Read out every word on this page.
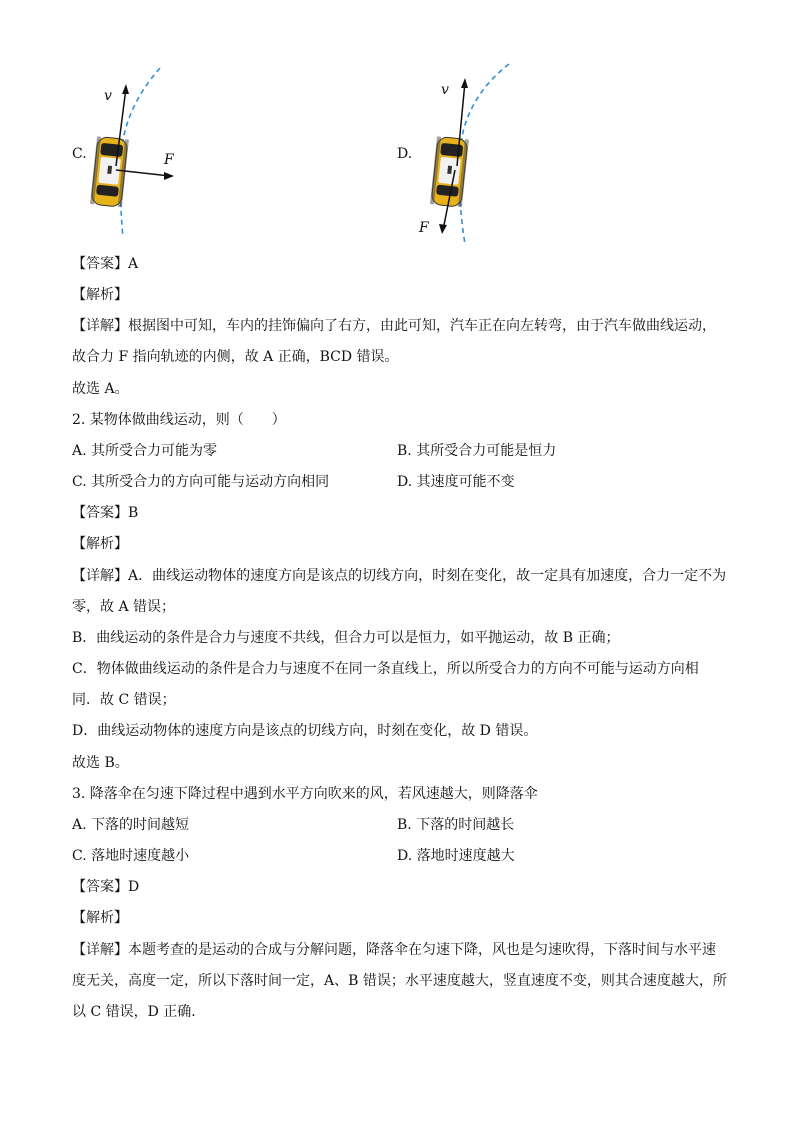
C.
v
F	D.
v
F
【答案】A
【解析】
【详解】根据图中可知，车内的挂饰偏向了右方，由此可知，汽车正在向左转弯，由于汽车做曲线运动，
故合力 F 指向轨迹的内侧，故 A 正确，BCD 错误。
故选 A。
2. 某物体做曲线运动，则（　　）
A. 其所受合力可能为零	B. 其所受合力可能是恒力
C. 其所受合力的方向可能与运动方向相同	D. 其速度可能不变
【答案】B
【解析】
【详解】A．曲线运动物体的速度方向是该点的切线方向，时刻在变化，故一定具有加速度，合力一定不为
零，故 A 错误；
B．曲线运动的条件是合力与速度不共线，但合力可以是恒力，如平抛运动，故 B 正确；
C．物体做曲线运动的条件是合力与速度不在同一条直线上，所以所受合力的方向不可能与运动方向相
同．故 C 错误；
D．曲线运动物体的速度方向是该点的切线方向，时刻在变化，故 D 错误。
故选 B。
3. 降落伞在匀速下降过程中遇到水平方向吹来的风，若风速越大，则降落伞
A. 下落的时间越短	B. 下落的时间越长
C. 落地时速度越小	D. 落地时速度越大
【答案】D
【解析】
【详解】本题考查的是运动的合成与分解问题，降落伞在匀速下降，风也是匀速吹得，下落时间与水平速
度无关，高度一定，所以下落时间一定，A、B 错误；水平速度越大，竖直速度不变，则其合速度越大，所
以 C 错误，D 正确．
